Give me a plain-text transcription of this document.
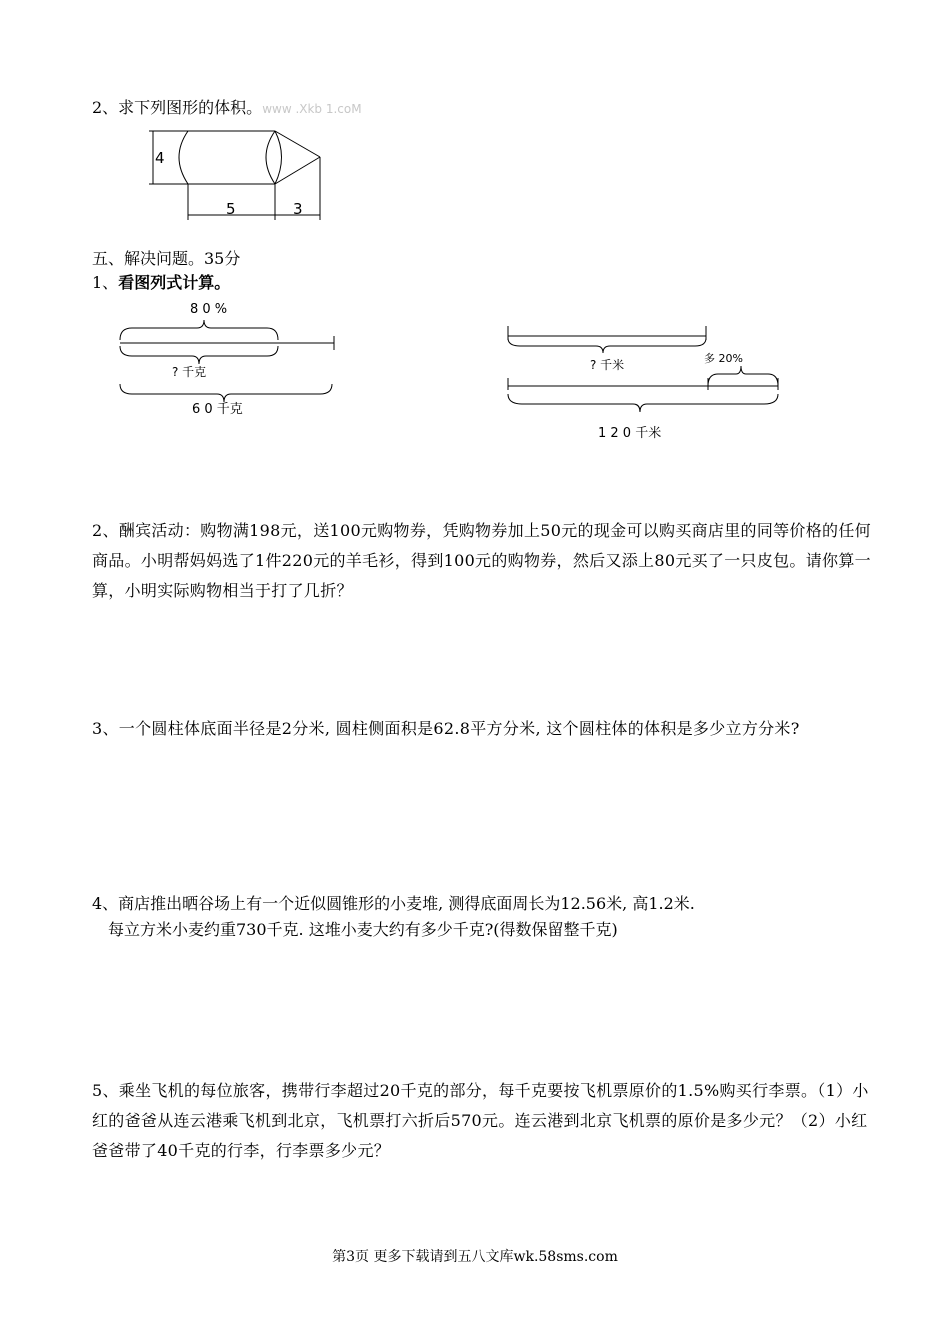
2、求下列图形的体积。www .Xkb 1.coM
4
5	3
五、解决问题。35分
1、看图列式计算。
8 0 %
? 千克
6 0 千克
? 千米	多 20%
1 2 0 千米
2、酬宾活动：购物满198元，送100元购物券，凭购物券加上50元的现金可以购买商店里的同等价格的任何商品。小明帮妈妈选了1件220元的羊毛衫，得到100元的购物券，然后又添上80元买了一只皮包。请你算一算，小明实际购物相当于打了几折？
3、一个圆柱体底面半径是2分米, 圆柱侧面积是62.8平方分米, 这个圆柱体的体积是多少立方分米?
4、商店推出晒谷场上有一个近似圆锥形的小麦堆, 测得底面周长为12.56米, 高1.2米.
每立方米小麦约重730千克. 这堆小麦大约有多少千克?(得数保留整千克)
5、乘坐飞机的每位旅客，携带行李超过20千克的部分，每千克要按飞机票原价的1.5%购买行李票。（1）小红的爸爸从连云港乘飞机到北京，飞机票打六折后570元。连云港到北京飞机票的原价是多少元？（2）小红爸爸带了40千克的行李，行李票多少元？
第3页 更多下载请到五八文库wk.58sms.com
